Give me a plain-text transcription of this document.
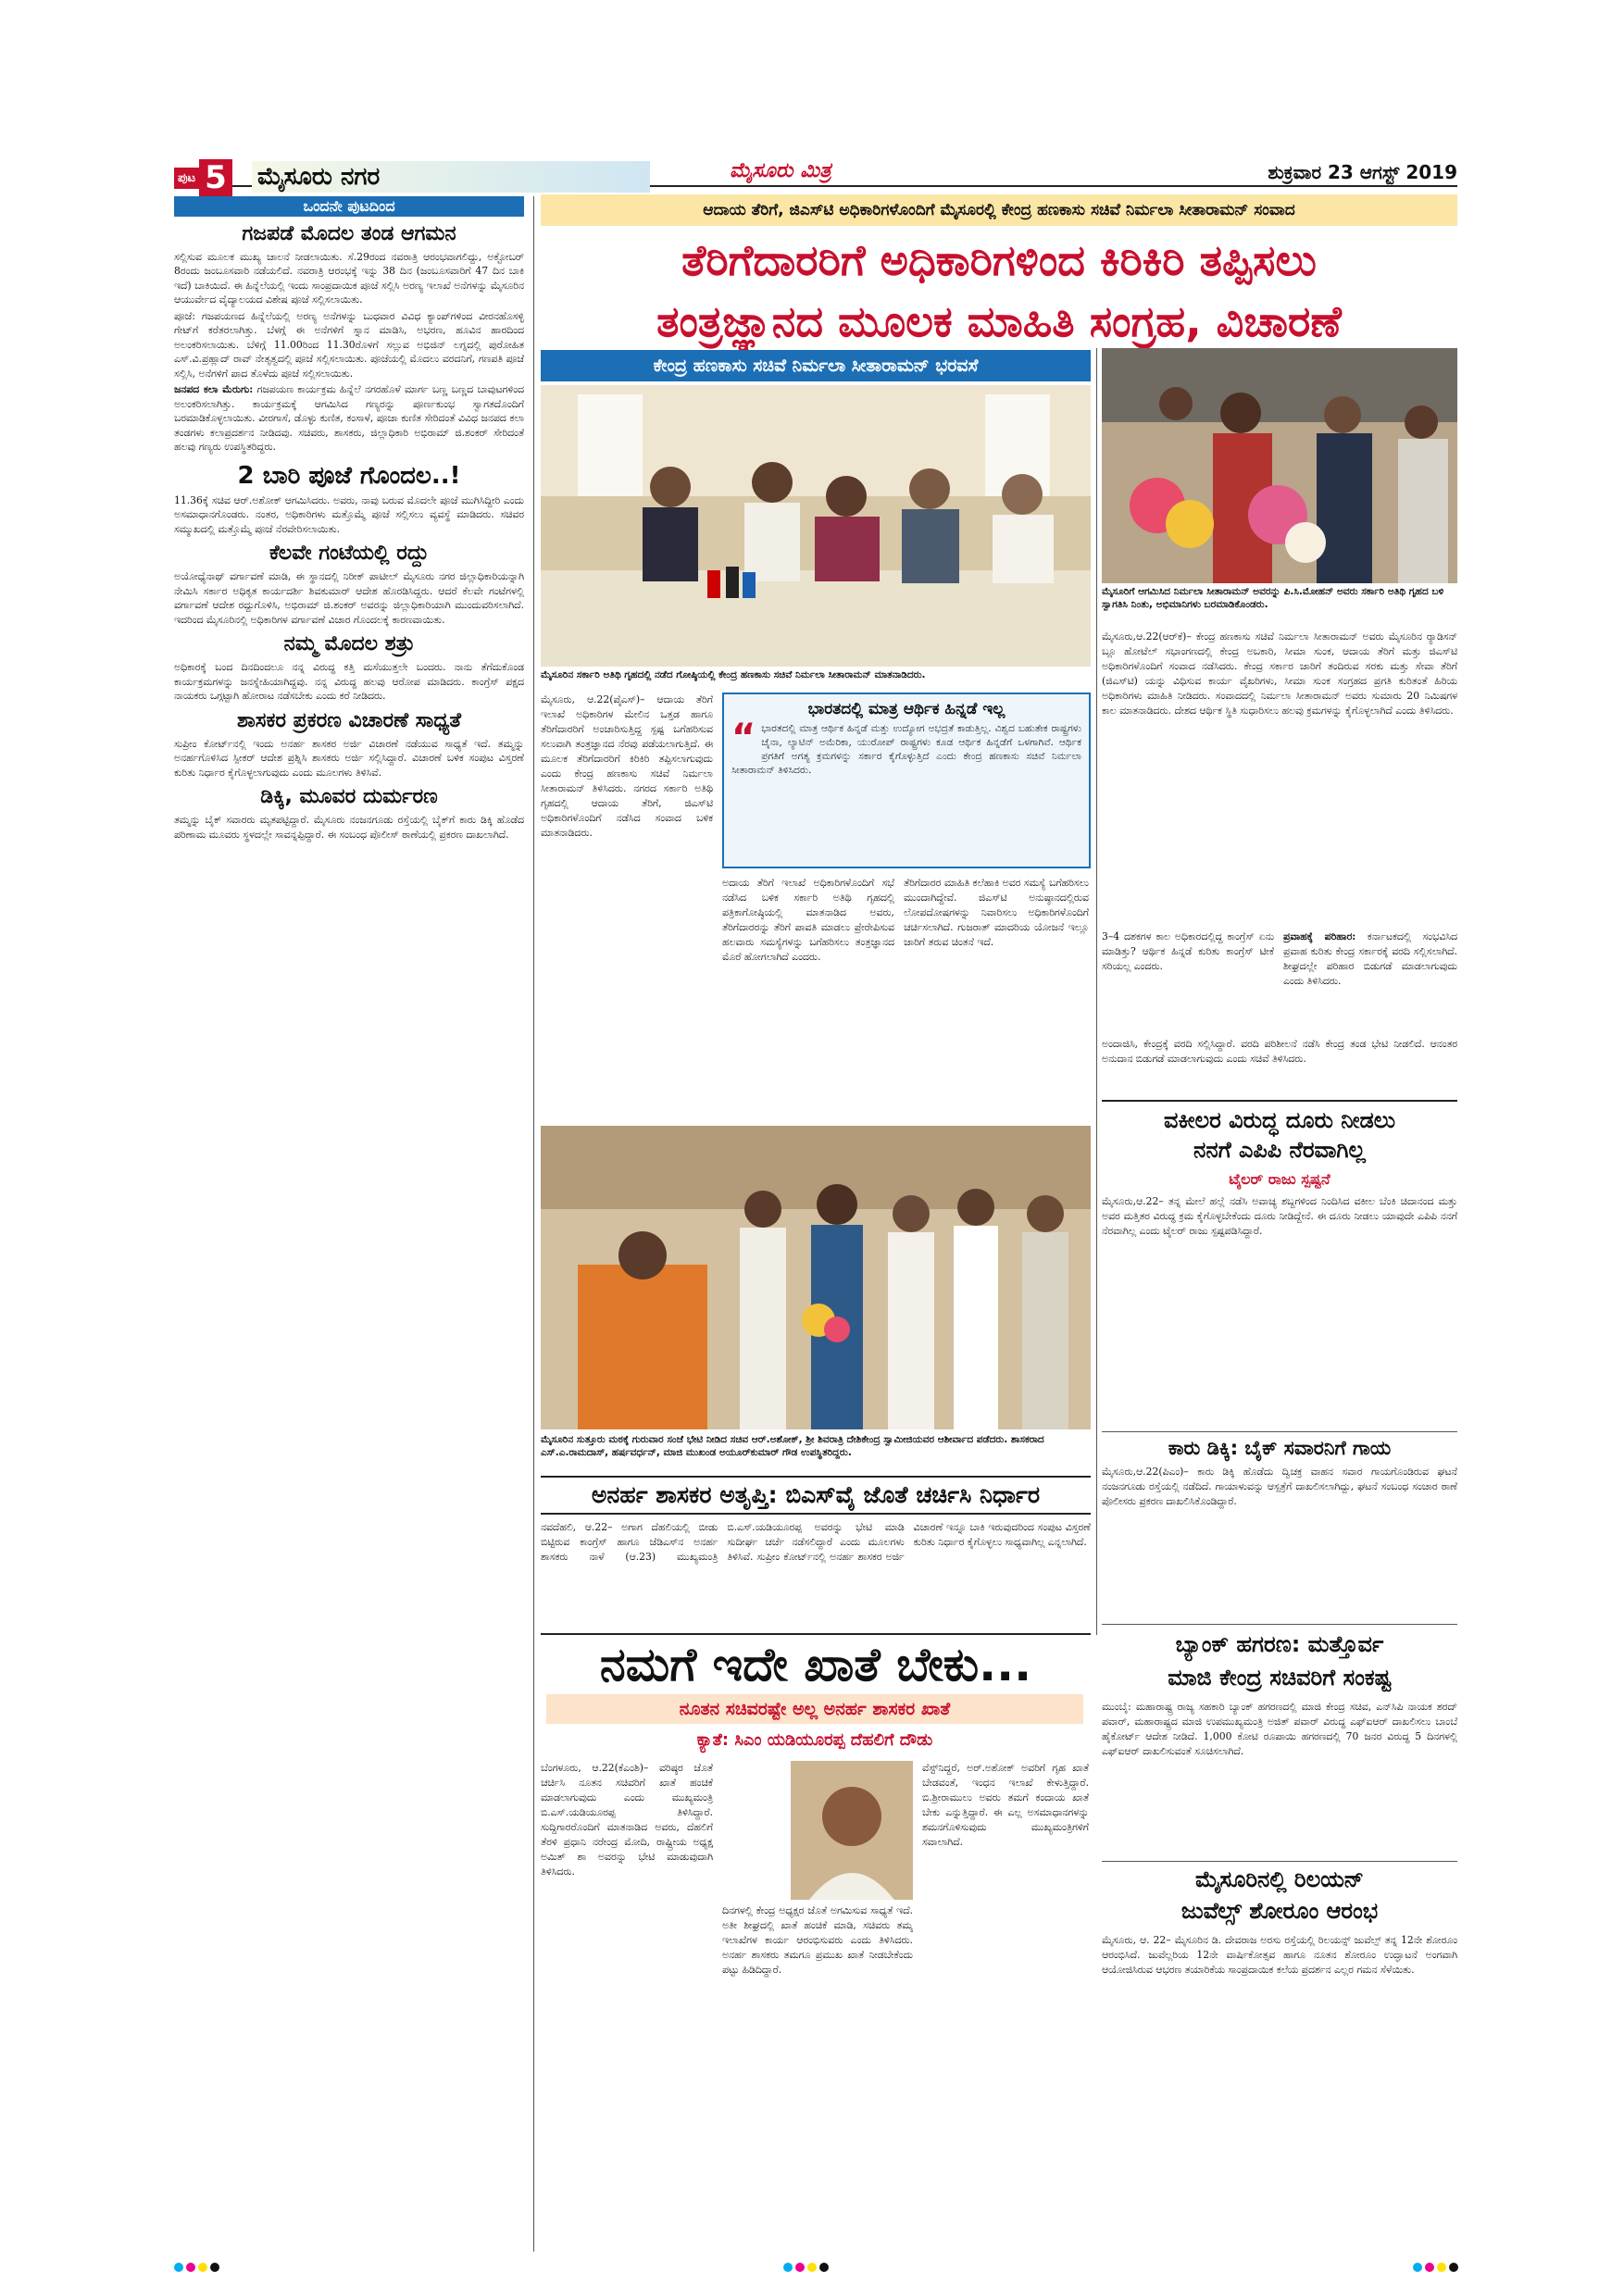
ಪುಟ 5 ಮೈಸೂರು ನಗರ	ಮೈಸೂರು ಮಿತ್ರ	ಶುಕ್ರವಾರ 23 ಆಗಸ್ಟ್ 2019
ಒಂದನೇ ಪುಟದಿಂದ
ಗಜಪಡೆ ಮೊದಲ ತಂಡ ಆಗಮನ

ಸಲ್ಲಿಸುವ ಮೂಲಕ ಮುಖ್ಯ ಚಾಲನೆ ನೀಡಲಾಯಿತು. ಸೆ.29ರಂದ ನವರಾತ್ರಿ ಆರಂಭವಾಗಲಿದ್ದು, ಅಕ್ಟೋಬರ್ 8ರಂದು ಜಂಬೂಸವಾರಿ ನಡೆಯಲಿದೆ. ನವರಾತ್ರಿ ಆರಂಭಕ್ಕೆ ಇನ್ನು 38 ದಿನ (ಜಂಬೂಸವಾರಿಗೆ 47 ದಿನ ಬಾಕಿ ಇದೆ) ಬಾಕಿಯಿದೆ. ಈ ಹಿನ್ನೆಲೆಯಲ್ಲಿ ಇಂದು ಸಾಂಪ್ರದಾಯಿಕ ಪೂಜೆ ಸಲ್ಲಿಸಿ ಅರಣ್ಯ ಇಲಾಖೆ ಅನೆಗಳನ್ನು ಮೈಸೂರಿನ ಆಯುರ್ವೇದ ವೈದ್ಯಾಲಯದ ವಿಶೇಷ ಪೂಜೆ ಸಲ್ಲಿಸಲಾಯಿತು.

ಪೂಜೆ: ಗಜಪಯಣದ ಹಿನ್ನೆಲೆಯಲ್ಲಿ ಅರಣ್ಯ ಅನೆಗಳನ್ನು ಬುಧವಾರ ವಿವಿಧ ಕ್ಯಾಂಪ್‌ಗಳಿಂದ ವೀರನಹೊಸಳ್ಳಿ ಗೇಟ್‌ಗೆ ಕರೆತರಲಾಗಿತ್ತು. ಬೆಳಗ್ಗೆ ಈ ಅನೆಗಳಿಗೆ ಸ್ನಾನ ಮಾಡಿಸಿ, ಅಭರಣ, ಹೂವಿನ ಹಾರದಿಂದ ಅಲಂಕರಿಸಲಾಯಿತು. ಬೆಳಿಗ್ಗೆ 11.00ರಿಂದ 11.30ರೊಳಗೆ ಸಲ್ಲುವ ಅಭಿಜಿನ್ ಲಗ್ನದಲ್ಲಿ ಪುರೋಹಿತ ಎಸ್.ವಿ.ಪ್ರಹ್ಲಾದ್ ರಾವ್ ನೇತೃತ್ವದಲ್ಲಿ ಪೂಜೆ ಸಲ್ಲಿಸಲಾಯಿತು. ಪೂಜೆಯಲ್ಲಿ ಮೊದಲು ವರದನಿಗೆ, ಗಣಪತಿ ಪೂಜೆ ಸಲ್ಲಿಸಿ, ಅನೆಗಳಿಗೆ ಪಾದ ತೊಳೆದು ಪೂಜೆ ಸಲ್ಲಿಸಲಾಯಿತು.

ಜನಪದ ಕಲಾ ಮೆರುಗು: ಗಜಪಯಣ ಕಾರ್ಯಕ್ರಮ ಹಿನ್ನೆಲೆ ನಗರಹೊಳೆ ಮಾರ್ಗ ಬಣ್ಣ ಬಣ್ಣದ ಬಾವುಟಗಳಿಂದ ಅಲಂಕರಿಸಲಾಗಿತ್ತು. ಕಾರ್ಯಕ್ರಮಕ್ಕೆ ಆಗಮಿಸಿದ ಗಣ್ಯರನ್ನು ಪೂರ್ಣಕುಂಭ ಸ್ವಾಗತದೊಂದಿಗೆ ಬರಮಾಡಿಕೊಳ್ಳಲಾಯಿತು. ವೀರಗಾಸೆ, ಡೊಳ್ಳು ಕುಣಿತ, ಕಂಸಾಳೆ, ಪೂಜಾ ಕುಣಿತ ಸೇರಿದಂತೆ ವಿವಿಧ ಜನಪದ ಕಲಾ ತಂಡಗಳು ಕಲಾಪ್ರದರ್ಶನ ನೀಡಿದವು. ಸಚಿವರು, ಶಾಸಕರು, ಜಿಲ್ಲಾಧಿಕಾರಿ ಅಭಿರಾಮ್ ಜಿ.ಶಂಕರ್ ಸೇರಿದಂತೆ ಹಲವು ಗಣ್ಯರು ಉಪಸ್ಥಿತರಿದ್ದರು.

2 ಬಾರಿ ಪೂಜೆ ಗೊಂದಲ..!

11.36ಕ್ಕೆ ಸಚಿವ ಆರ್.ಅಶೋಕ್ ಆಗಮಿಸಿದರು. ಅವರು, ನಾವು ಬರುವ ಮೊದಲೇ ಪೂಜೆ ಮುಗಿಸಿದ್ದೀರಿ ಎಂದು ಅಸಮಾಧಾನಗೊಂಡರು. ನಂತರ, ಅಧಿಕಾರಿಗಳು ಮತ್ತೊಮ್ಮೆ ಪೂಜೆ ಸಲ್ಲಿಸಲು ವ್ಯವಸ್ಥೆ ಮಾಡಿದರು. ಸಚಿವರ ಸಮ್ಮುಖದಲ್ಲಿ ಮತ್ತೊಮ್ಮೆ ಪೂಜೆ ನೆರವೇರಿಸಲಾಯಿತು.

ಕೆಲವೇ ಗಂಟೆಯಲ್ಲಿ ರದ್ದು

ಅಯೋಧ್ಯೆನಾಥ್ ವರ್ಗಾವಣೆ ಮಾಡಿ, ಈ ಸ್ಥಾನದಲ್ಲಿ ನಿರೀಕ್ ಪಾಟೀಲ್ ಮೈಸೂರು ನಗರ ಜಿಲ್ಲಾಧಿಕಾರಿಯನ್ನಾಗಿ ನೇಮಿಸಿ ಸರ್ಕಾರ ಅಧಿಕೃತ ಕಾರ್ಯದರ್ಶಿ ಶಿವಕುಮಾರ್ ಆದೇಶ ಹೊರಡಿಸಿದ್ದರು. ಆದರೆ ಕೆಲವೇ ಗಂಟೆಗಳಲ್ಲಿ ವರ್ಗಾವಣೆ ಆದೇಶ ರದ್ದುಗೊಳಿಸಿ, ಅಭಿರಾಮ್ ಜಿ.ಶಂಕರ್ ಅವರನ್ನು ಜಿಲ್ಲಾಧಿಕಾರಿಯಾಗಿ ಮುಂದುವರಿಸಲಾಗಿದೆ. ಇದರಿಂದ ಮೈಸೂರಿನಲ್ಲಿ ಅಧಿಕಾರಿಗಳ ವರ್ಗಾವಣೆ ವಿಚಾರ ಗೊಂದಲಕ್ಕೆ ಕಾರಣವಾಯಿತು.

ನಮ್ಮ ಮೊದಲ ಶತ್ರು

ಅಧಿಕಾರಕ್ಕೆ ಬಂದ ದಿನದಿಂದಲೂ ನನ್ನ ವಿರುದ್ಧ ಕತ್ತಿ ಮಸೆಯುತ್ತಲೇ ಬಂದರು. ನಾನು ತೆಗೆದುಕೊಂಡ ಕಾರ್ಯಕ್ರಮಗಳನ್ನು ಜನಸ್ನೇಹಿಯಾಗಿದ್ದವು. ನನ್ನ ವಿರುದ್ಧ ಹಲವು ಆರೋಪ ಮಾಡಿದರು. ಕಾಂಗ್ರೆಸ್ ಪಕ್ಷದ ನಾಯಕರು ಒಗ್ಗಟ್ಟಾಗಿ ಹೋರಾಟ ನಡೆಸಬೇಕು ಎಂದು ಕರೆ ನೀಡಿದರು.

ಶಾಸಕರ ಪ್ರಕರಣ ವಿಚಾರಣೆ ಸಾಧ್ಯತೆ

ಸುಪ್ರೀಂ ಕೋರ್ಟ್‌ನಲ್ಲಿ ಇಂದು ಅನರ್ಹ ಶಾಸಕರ ಅರ್ಜಿ ವಿಚಾರಣೆ ನಡೆಯುವ ಸಾಧ್ಯತೆ ಇದೆ. ತಮ್ಮನ್ನು ಅನರ್ಹಗೊಳಿಸಿದ ಸ್ಪೀಕರ್ ಆದೇಶ ಪ್ರಶ್ನಿಸಿ ಶಾಸಕರು ಅರ್ಜಿ ಸಲ್ಲಿಸಿದ್ದಾರೆ. ವಿಚಾರಣೆ ಬಳಿಕ ಸಂಪುಟ ವಿಸ್ತರಣೆ ಕುರಿತು ನಿರ್ಧಾರ ಕೈಗೊಳ್ಳಲಾಗುವುದು ಎಂದು ಮೂಲಗಳು ತಿಳಿಸಿವೆ.

ಡಿಕ್ಕಿ, ಮೂವರ ದುರ್ಮರಣ

ತಮ್ಮನ್ನು ಬೈಕ್ ಸವಾರರು ಮೃತಪಟ್ಟಿದ್ದಾರೆ. ಮೈಸೂರು ನಂಜನಗೂಡು ರಸ್ತೆಯಲ್ಲಿ ಬೈಕ್‌ಗೆ ಕಾರು ಡಿಕ್ಕಿ ಹೊಡೆದ ಪರಿಣಾಮ ಮೂವರು ಸ್ಥಳದಲ್ಲೇ ಸಾವನ್ನಪ್ಪಿದ್ದಾರೆ. ಈ ಸಂಬಂಧ ಪೊಲೀಸ್ ಠಾಣೆಯಲ್ಲಿ ಪ್ರಕರಣ ದಾಖಲಾಗಿದೆ.

ಆದಾಯ ತೆರಿಗೆ, ಜಿಎಸ್‌ಟಿ ಅಧಿಕಾರಿಗಳೊಂದಿಗೆ ಮೈಸೂರಲ್ಲಿ ಕೇಂದ್ರ ಹಣಕಾಸು ಸಚಿವೆ ನಿರ್ಮಲಾ ಸೀತಾರಾಮನ್ ಸಂವಾದ
ತೆರಿಗೆದಾರರಿಗೆ ಅಧಿಕಾರಿಗಳಿಂದ ಕಿರಿಕಿರಿ ತಪ್ಪಿಸಲು
ತಂತ್ರಜ್ಞಾನದ ಮೂಲಕ ಮಾಹಿತಿ ಸಂಗ್ರಹ, ವಿಚಾರಣೆ
ಕೇಂದ್ರ ಹಣಕಾಸು ಸಚಿವೆ ನಿರ್ಮಲಾ ಸೀತಾರಾಮನ್ ಭರವಸೆ
ಮೈಸೂರಿನ ಸರ್ಕಾರಿ ಅತಿಥಿ ಗೃಹದಲ್ಲಿ ನಡೆದ ಗೋಷ್ಠಿಯಲ್ಲಿ ಕೇಂದ್ರ ಹಣಕಾಸು ಸಚಿವೆ ನಿರ್ಮಲಾ ಸೀತಾರಾಮನ್ ಮಾತನಾಡಿದರು.
ಮೈಸೂರಿಗೆ ಆಗಮಿಸಿದ ನಿರ್ಮಲಾ ಸೀತಾರಾಮನ್ ಅವರನ್ನು ಪಿ.ಸಿ.ಮೋಹನ್ ಅವರು ಸರ್ಕಾರಿ ಅತಿಥಿ ಗೃಹದ ಬಳಿ ಸ್ವಾಗತಿಸಿ ನಿಂತು, ಅಭಿಮಾನಿಗಳು ಬರಮಾಡಿಕೊಂಡರು.
ಮೈಸೂರು, ಆ.22(ಪೈಎಸ್)– ಆದಾಯ ತೆರಿಗೆ ಇಲಾಖೆ ಅಧಿಕಾರಿಗಳ ಮೇಲಿನ ಒತ್ತಡ ಹಾಗೂ ತೆರಿಗೆದಾರರಿಗೆ ಅಂಚಾರಿಸುತ್ತಿದ್ದ ಸ್ಪಷ್ಟ ಬಗೆಹರಿಸುವ ಸಲುವಾಗಿ ತಂತ್ರಜ್ಞಾನದ ನೆರವು ಪಡೆಯಲಾಗುತ್ತಿದೆ. ಈ ಮೂಲಕ ತೆರಿಗೆದಾರರಿಗೆ ಕಿರಿಕಿರಿ ತಪ್ಪಿಸಲಾಗುವುದು ಎಂದು ಕೇಂದ್ರ ಹಣಕಾಸು ಸಚಿವೆ ನಿರ್ಮಲಾ ಸೀತಾರಾಮನ್ ತಿಳಿಸಿದರು. ನಗರದ ಸರ್ಕಾರಿ ಅತಿಥಿ ಗೃಹದಲ್ಲಿ ಆದಾಯ ತೆರಿಗೆ, ಜಿಎಸ್‌ಟಿ ಅಧಿಕಾರಿಗಳೊಂದಿಗೆ ನಡೆಸಿದ ಸಂವಾದ ಬಳಿಕ ಮಾತನಾಡಿದರು.
ಭಾರತದಲ್ಲಿ ಮಾತ್ರ ಆರ್ಥಿಕ ಹಿನ್ನಡೆ ಇಲ್ಲ
“ ಭಾರತದಲ್ಲಿ ಮಾತ್ರ ಆರ್ಥಿಕ ಹಿನ್ನಡೆ ಮತ್ತು ಉದ್ಯೋಗ ಅಭದ್ರತೆ ಕಾಡುತ್ತಿಲ್ಲ. ವಿಶ್ವದ ಬಹುತೇಕ ರಾಷ್ಟ್ರಗಳು ಚೈನಾ, ಲ್ಯಾಟಿನ್ ಅಮೆರಿಕಾ, ಯುರೋಪ್ ರಾಷ್ಟ್ರಗಳು ಕೂಡ ಆರ್ಥಿಕ ಹಿನ್ನಡೆಗೆ ಒಳಗಾಗಿವೆ. ಆರ್ಥಿಕ ಪ್ರಗತಿಗೆ ಅಗತ್ಯ ಕ್ರಮಗಳನ್ನು ಸರ್ಕಾರ ಕೈಗೊಳ್ಳುತ್ತಿದೆ ಎಂದು ಕೇಂದ್ರ ಹಣಕಾಸು ಸಚಿವೆ ನಿರ್ಮಲಾ ಸೀತಾರಾಮನ್ ತಿಳಿಸಿದರು.
ಅದಾಯ ತೆರಿಗೆ ಇಲಾಖೆ ಅಧಿಕಾರಿಗಳೊಂದಿಗೆ ಸಭೆ ನಡೆಸಿದ ಬಳಿಕ ಸರ್ಕಾರಿ ಅತಿಥಿ ಗೃಹದಲ್ಲಿ ಪತ್ರಿಕಾಗೋಷ್ಠಿಯಲ್ಲಿ ಮಾತನಾಡಿದ ಅವರು, ತೆರಿಗೆದಾರರನ್ನು ತೆರಿಗೆ ಪಾವತಿ ಮಾಡಲು ಪ್ರೇರೇಪಿಸುವ ಹಲವಾರು ಸಮಸ್ಯೆಗಳನ್ನು ಬಗೆಹರಿಸಲು ತಂತ್ರಜ್ಞಾನದ ಮೊರೆ ಹೋಗಲಾಗಿದೆ ಎಂದರು.
ತೆರಿಗೆದಾರರ ಮಾಹಿತಿ ಕಲೆಹಾಕಿ ಅವರ ಸಮಸ್ಯೆ ಬಗೆಹರಿಸಲು ಮುಂದಾಗಿದ್ದೇವೆ. ಜಿಎಸ್‌ಟಿ ಅನುಷ್ಠಾನದಲ್ಲಿರುವ ಲೋಪದೋಷಗಳನ್ನು ನಿವಾರಿಸಲು ಅಧಿಕಾರಿಗಳೊಂದಿಗೆ ಚರ್ಚಿಸಲಾಗಿದೆ. ಗುಜರಾತ್ ಮಾದರಿಯ ಯೋಜನೆ ಇಲ್ಲೂ ಜಾರಿಗೆ ತರುವ ಚಿಂತನೆ ಇದೆ.
ಮೈಸೂರು,ಆ.22(ಆರ್‌ಕೆ)– ಕೇಂದ್ರ ಹಣಕಾಸು ಸಚಿವೆ ನಿರ್ಮಲಾ ಸೀತಾರಾಮನ್ ಅವರು ಮೈಸೂರಿನ ರ್‍ಯಾಡಿಸನ್ ಬ್ಲೂ ಹೋಟೆಲ್ ಸಭಾಂಗಣದಲ್ಲಿ ಕೇಂದ್ರ ಅಬಕಾರಿ, ಸೀಮಾ ಸುಂಕ, ಆದಾಯ ತೆರಿಗೆ ಮತ್ತು ಜಿಎಸ್‌ಟಿ ಅಧಿಕಾರಿಗಳೊಂದಿಗೆ ಸಂವಾದ ನಡೆಸಿದರು. ಕೇಂದ್ರ ಸರ್ಕಾರ ಜಾರಿಗೆ ತಂದಿರುವ ಸರಕು ಮತ್ತು ಸೇವಾ ತೆರಿಗೆ (ಜಿಎಸ್‌ಟಿ) ಯನ್ನು ವಿಧಿಸುವ ಕಾರ್ಯ ವೈಖರಿಗಳು, ಸೀಮಾ ಸುಂಕ ಸಂಗ್ರಹದ ಪ್ರಗತಿ ಕುರಿತಂತೆ ಹಿರಿಯ ಅಧಿಕಾರಿಗಳು ಮಾಹಿತಿ ನೀಡಿದರು. ಸಂವಾದದಲ್ಲಿ ನಿರ್ಮಲಾ ಸೀತಾರಾಮನ್ ಅವರು ಸುಮಾರು 20 ನಿಮಿಷಗಳ ಕಾಲ ಮಾತನಾಡಿದರು. ದೇಶದ ಆರ್ಥಿಕ ಸ್ಥಿತಿ ಸುಧಾರಿಸಲು ಹಲವು ಕ್ರಮಗಳನ್ನು ಕೈಗೊಳ್ಳಲಾಗಿದೆ ಎಂದು ತಿಳಿಸಿದರು.
3–4 ದಶಕಗಳ ಕಾಲ ಅಧಿಕಾರದಲ್ಲಿದ್ದ ಕಾಂಗ್ರೆಸ್ ಏನು ಮಾಡಿತ್ತು? ಆರ್ಥಿಕ ಹಿನ್ನಡೆ ಕುರಿತು ಕಾಂಗ್ರೆಸ್ ಟೀಕೆ ಸರಿಯಲ್ಲ ಎಂದರು.
ಪ್ರವಾಹಕ್ಕೆ ಪರಿಹಾರ: ಕರ್ನಾಟಕದಲ್ಲಿ ಸಂಭವಿಸಿದ ಪ್ರವಾಹ ಕುರಿತು ಕೇಂದ್ರ ಸರ್ಕಾರಕ್ಕೆ ವರದಿ ಸಲ್ಲಿಸಲಾಗಿದೆ. ಶೀಘ್ರದಲ್ಲೇ ಪರಿಹಾರ ಬಿಡುಗಡೆ ಮಾಡಲಾಗುವುದು ಎಂದು ತಿಳಿಸಿದರು.
ಮೈಸೂರಿನ ಸುತ್ತೂರು ಮಠಕ್ಕೆ ಗುರುವಾರ ಸಂಜೆ ಭೇಟಿ ನೀಡಿದ ಸಚಿವ ಆರ್.ಅಶೋಕ್, ಶ್ರೀ ಶಿವರಾತ್ರಿ ದೇಶಿಕೇಂದ್ರ ಸ್ವಾಮೀಜಿಯವರ ಆಶೀರ್ವಾದ ಪಡೆದರು. ಶಾಸಕರಾದ ಎಸ್.ಎ.ರಾಮದಾಸ್, ಹರ್ಷವರ್ಧನ್, ಮಾಜಿ ಮುಖಂಡ ಅಯೂರ್‌ಕುಮಾರ್ ಗೌಡ ಉಪಸ್ಥಿತರಿದ್ದರು.
ಅಂದಾಜಿಸಿ, ಕೇಂದ್ರಕ್ಕೆ ವರದಿ ಸಲ್ಲಿಸಿದ್ದಾರೆ. ವರದಿ ಪರಿಶೀಲನೆ ನಡೆಸಿ ಕೇಂದ್ರ ತಂಡ ಭೇಟಿ ನೀಡಲಿದೆ. ಆನಂತರ ಅನುದಾನ ಬಿಡುಗಡೆ ಮಾಡಲಾಗುವುದು ಎಂದು ಸಚಿವೆ ತಿಳಿಸಿದರು.
ಅನರ್ಹ ಶಾಸಕರ ಅತೃಪ್ತಿ: ಬಿಎಸ್‌ವೈ ಜೊತೆ ಚರ್ಚಿಸಿ ನಿರ್ಧಾರ
ನವದೆಹಲಿ, ಆ.22– ಅಗಾಗ ದೆಹಲಿಯಲ್ಲಿ ಬೀಡು ಬಿಟ್ಟಿರುವ ಕಾಂಗ್ರೆಸ್ ಹಾಗೂ ಜೆಡಿಎಸ್‌ನ ಅನರ್ಹ ಶಾಸಕರು ನಾಳೆ (ಆ.23) ಮುಖ್ಯಮಂತ್ರಿ ಬಿ.ಎಸ್.ಯಡಿಯೂರಪ್ಪ ಅವರನ್ನು ಭೇಟಿ ಮಾಡಿ ಸುದೀರ್ಘ ಚರ್ಚೆ ನಡೆಸಲಿದ್ದಾರೆ ಎಂದು ಮೂಲಗಳು ತಿಳಿಸಿವೆ. ಸುಪ್ರೀಂ ಕೋರ್ಟ್‌ನಲ್ಲಿ ಅನರ್ಹ ಶಾಸಕರ ಅರ್ಜಿ ವಿಚಾರಣೆ ಇನ್ನೂ ಬಾಕಿ ಇರುವುದರಿಂದ ಸಂಪುಟ ವಿಸ್ತರಣೆ ಕುರಿತು ನಿರ್ಧಾರ ಕೈಗೊಳ್ಳಲು ಸಾಧ್ಯವಾಗಿಲ್ಲ ಎನ್ನಲಾಗಿದೆ.
ನಮಗೆ ಇದೇ ಖಾತೆ ಬೇಕು...
ನೂತನ ಸಚಿವರಷ್ಟೇ ಅಲ್ಲ ಅನರ್ಹ ಶಾಸಕರ ಖಾತೆ
ಕ್ಯಾತೆ: ಸಿಎಂ ಯಡಿಯೂರಪ್ಪ ದೆಹಲಿಗೆ ದೌಡು
ಬೆಂಗಳೂರು, ಆ.22(ಕೆಎಂಶಿ)– ವರಿಷ್ಠರ ಜೊತೆ ಚರ್ಚಿಸಿ ನೂತನ ಸಚಿವರಿಗೆ ಖಾತೆ ಹಂಚಿಕೆ ಮಾಡಲಾಗುವುದು ಎಂದು ಮುಖ್ಯಮಂತ್ರಿ ಬಿ.ಎಸ್.ಯಡಿಯೂರಪ್ಪ ತಿಳಿಸಿದ್ದಾರೆ. ಸುದ್ದಿಗಾರರೊಂದಿಗೆ ಮಾತನಾಡಿದ ಅವರು, ದೆಹಲಿಗೆ ತೆರಳಿ ಪ್ರಧಾನಿ ನರೇಂದ್ರ ಮೋದಿ, ರಾಷ್ಟ್ರೀಯ ಅಧ್ಯಕ್ಷ ಅಮಿತ್ ಶಾ ಅವರನ್ನು ಭೇಟಿ ಮಾಡುವುದಾಗಿ ತಿಳಿಸಿದರು.
ದಿನಗಳಲ್ಲಿ ಕೇಂದ್ರ ಅಧ್ಯಕ್ಷರ ಜೊತೆ ಅಗಮಿಸುವ ಸಾಧ್ಯತೆ ಇದೆ. ಅತೀ ಶೀಘ್ರದಲ್ಲಿ ಖಾತೆ ಹಂಚಿಕೆ ಮಾಡಿ, ಸಚಿವರು ತಮ್ಮ ಇಲಾಖೆಗಳ ಕಾರ್ಯ ಆರಂಭಿಸುವರು ಎಂದು ತಿಳಿಸಿದರು. ಅನರ್ಹ ಶಾಸಕರು ತಮಗೂ ಪ್ರಮುಖ ಖಾತೆ ನೀಡಬೇಕೆಂದು ಪಟ್ಟು ಹಿಡಿದಿದ್ದಾರೆ.
ವೆಸ್ಟ್‌ನಿದ್ದರೆ, ಅರ್.ಅಶೋಕ್ ಅವರಿಗೆ ಗೃಹ ಖಾತೆ ಬೇಡವಂತೆ, ಇಂಧನ ಇಲಾಖೆ ಕೇಳುತ್ತಿದ್ದಾರೆ. ಬಿ.ಶ್ರೀರಾಮುಲು ಅವರು ತಮಗೆ ಕಂದಾಯ ಖಾತೆ ಬೇಕು ಎನ್ನುತ್ತಿದ್ದಾರೆ. ಈ ಎಲ್ಲ ಅಸಮಾಧಾನಗಳನ್ನು ಶಮನಗೊಳಿಸುವುದು ಮುಖ್ಯಮಂತ್ರಿಗಳಿಗೆ ಸವಾಲಾಗಿದೆ.
ವಕೀಲರ ವಿರುದ್ಧ ದೂರು ನೀಡಲು
ನನಗೆ ಎಪಿಪಿ ನೆರವಾಗಿಲ್ಲ
ಟೈಲರ್ ರಾಜು ಸ್ಪಷ್ಟನೆ
ಮೈಸೂರು,ಆ.22– ತನ್ನ ಮೇಲೆ ಹಲ್ಲೆ ನಡೆಸಿ ಅವಾಚ್ಯ ಶಬ್ದಗಳಿಂದ ನಿಂದಿಸಿದ ವಕೀಲ ಬೆಂಕಿ ಚಿದಾನಂದ ಮತ್ತು ಅವರ ಮತ್ತಿತರ ವಿರುದ್ಧ ಕ್ರಮ ಕೈಗೊಳ್ಳಬೇಕೆಂದು ದೂರು ನೀಡಿದ್ದೇನೆ. ಈ ದೂರು ನೀಡಲು ಯಾವುದೇ ಎಪಿಪಿ ನನಗೆ ನೆರವಾಗಿಲ್ಲ ಎಂದು ಟೈಲರ್ ರಾಜು ಸ್ಪಷ್ಟಪಡಿಸಿದ್ದಾರೆ.
ಕಾರು ಡಿಕ್ಕಿ: ಬೈಕ್ ಸವಾರನಿಗೆ ಗಾಯ
ಮೈಸೂರು,ಆ.22(ಪಿಎಂ)– ಕಾರು ಡಿಕ್ಕಿ ಹೊಡೆದು ದ್ವಿಚಕ್ರ ವಾಹನ ಸವಾರ ಗಾಯಗೊಂಡಿರುವ ಘಟನೆ ನಂಜನಗೂಡು ರಸ್ತೆಯಲ್ಲಿ ನಡೆದಿದೆ. ಗಾಯಾಳುವನ್ನು ಆಸ್ಪತ್ರೆಗೆ ದಾಖಲಿಸಲಾಗಿದ್ದು, ಘಟನೆ ಸಂಬಂಧ ಸಂಚಾರ ಠಾಣೆ ಪೊಲೀಸರು ಪ್ರಕರಣ ದಾಖಲಿಸಿಕೊಂಡಿದ್ದಾರೆ.
ಬ್ಯಾಂಕ್ ಹಗರಣ: ಮತ್ತೊರ್ವ
ಮಾಜಿ ಕೇಂದ್ರ ಸಚಿವರಿಗೆ ಸಂಕಷ್ಟ
ಮುಂಬೈ: ಮಹಾರಾಷ್ಟ್ರ ರಾಜ್ಯ ಸಹಕಾರಿ ಬ್ಯಾಂಕ್ ಹಗರಣದಲ್ಲಿ ಮಾಜಿ ಕೇಂದ್ರ ಸಚಿವ, ಎನ್‌ಸಿಪಿ ನಾಯಕ ಶರದ್ ಪವಾರ್, ಮಹಾರಾಷ್ಟ್ರದ ಮಾಜಿ ಉಪಮುಖ್ಯಮಂತ್ರಿ ಅಜಿತ್ ಪವಾರ್ ವಿರುದ್ಧ ಎಫ್‌ಐಆರ್ ದಾಖಲಿಸಲು ಬಾಂಬೆ ಹೈಕೋರ್ಟ್ ಆದೇಶ ನೀಡಿದೆ. 1,000 ಕೋಟಿ ರೂಪಾಯಿ ಹಗರಣದಲ್ಲಿ 70 ಜನರ ವಿರುದ್ಧ 5 ದಿನಗಳಲ್ಲಿ ಎಫ್‌ಐಆರ್ ದಾಖಲಿಸುವಂತೆ ಸೂಚಿಸಲಾಗಿದೆ.
ಮೈಸೂರಿನಲ್ಲಿ ರಿಲಯನ್
ಜುವೆಲ್ಸ್ ಶೋರೂಂ ಆರಂಭ
ಮೈಸೂರು, ಆ. 22– ಮೈಸೂರಿನ ಡಿ. ದೇವರಾಜ ಅರಸು ರಸ್ತೆಯಲ್ಲಿ ರಿಲಯನ್ಸ್ ಜುವೆಲ್ಸ್ ತನ್ನ 12ನೇ ಶೋರೂಂ ಆರಂಭಿಸಿದೆ. ಜುವೆಲ್ಲರಿಯ 12ನೇ ವಾರ್ಷಿಕೋತ್ಸವ ಹಾಗೂ ನೂತನ ಶೋರೂಂ ಉದ್ಘಾಟನೆ ಅಂಗವಾಗಿ ಆಯೋಜಿಸಿರುವ ಆಭರಣ ತಯಾರಿಕೆಯ ಸಾಂಪ್ರದಾಯಿಕ ಕಲೆಯ ಪ್ರದರ್ಶನ ಎಲ್ಲರ ಗಮನ ಸೆಳೆಯಿತು.
